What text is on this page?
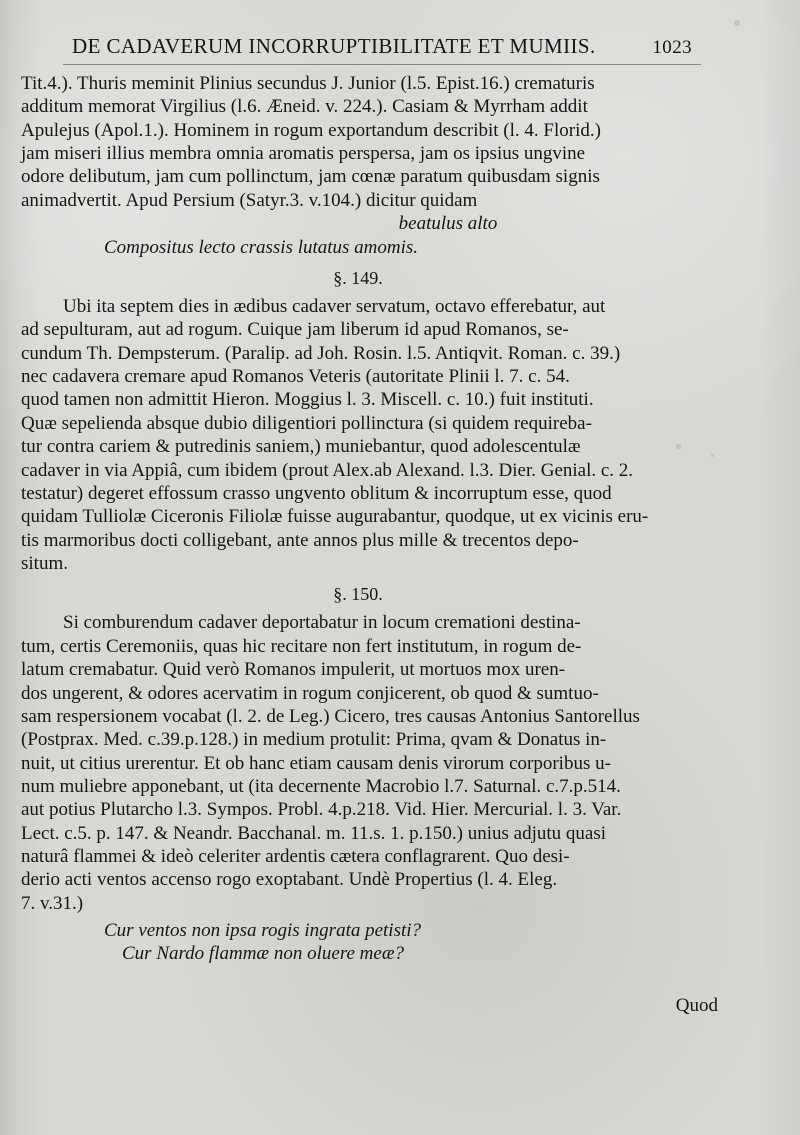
DE CADAVERUM INCORRUPTIBILITATE ET MUMIIS.	1023
Tit.4.). Thuris meminit Plinius secundus J. Junior (l.5. Epist.16.) crematuris
additum memorat Virgilius (l.6. Æneid. v. 224.). Casiam & Myrrham addit
Apulejus (Apol.1.). Hominem in rogum exportandum describit (l. 4. Florid.)
jam miseri illius membra omnia aromatis perspersa, jam os ipsius ungvine
odore delibutum, jam cum pollinctum, jam cœnæ paratum quibusdam signis
animadvertit. Apud Persium (Satyr.3. v.104.) dicitur quidam
beatulus alto
Compositus lecto crassis lutatus amomis.
§. 149.
Ubi ita septem dies in ædibus cadaver servatum, octavo efferebatur, aut
ad sepulturam, aut ad rogum. Cuique jam liberum id apud Romanos, se-
cundum Th. Dempsterum. (Paralip. ad Joh. Rosin. l.5. Antiqvit. Roman. c. 39.)
nec cadavera cremare apud Romanos Veteris (autoritate Plinii l. 7. c. 54.
quod tamen non admittit Hieron. Moggius l. 3. Miscell. c. 10.) fuit instituti.
Quæ sepelienda absque dubio diligentiori pollinctura (si quidem requireba-
tur contra cariem & putredinis saniem,) muniebantur, quod adolescentulæ
cadaver in via Appiâ, cum ibidem (prout Alex.ab Alexand. l.3. Dier. Genial. c. 2.
testatur) degeret effossum crasso ungvento oblitum & incorruptum esse, quod
quidam Tulliolæ Ciceronis Filiolæ fuisse augurabantur, quodque, ut ex vicinis eru-
tis marmoribus docti colligebant, ante annos plus mille & trecentos depo-
situm.
§. 150.
Si comburendum cadaver deportabatur in locum cremationi destina-
tum, certis Ceremoniis, quas hic recitare non fert institutum, in rogum de-
latum cremabatur. Quid verò Romanos impulerit, ut mortuos mox uren-
dos ungerent, & odores acervatim in rogum conjicerent, ob quod & sumtuo-
sam respersionem vocabat (l. 2. de Leg.) Cicero, tres causas Antonius Santorellus
(Postprax. Med. c.39.p.128.) in medium protulit: Prima, qvam & Donatus in-
nuit, ut citius urerentur. Et ob hanc etiam causam denis virorum corporibus u-
num muliebre apponebant, ut (ita decernente Macrobio l.7. Saturnal. c.7.p.514.
aut potius Plutarcho l.3. Sympos. Probl. 4.p.218. Vid. Hier. Mercurial. l. 3. Var.
Lect. c.5. p. 147. & Neandr. Bacchanal. m. 11.s. 1. p.150.) unius adjutu quasi
naturâ flammei & ideò celeriter ardentis cætera conflagrarent. Quo desi-
derio acti ventos accenso rogo exoptabant. Undè Propertius (l. 4. Eleg.
7. v.31.)
Cur ventos non ipsa rogis ingrata petisti?
Cur Nardo flammæ non oluere meæ?
Quod
